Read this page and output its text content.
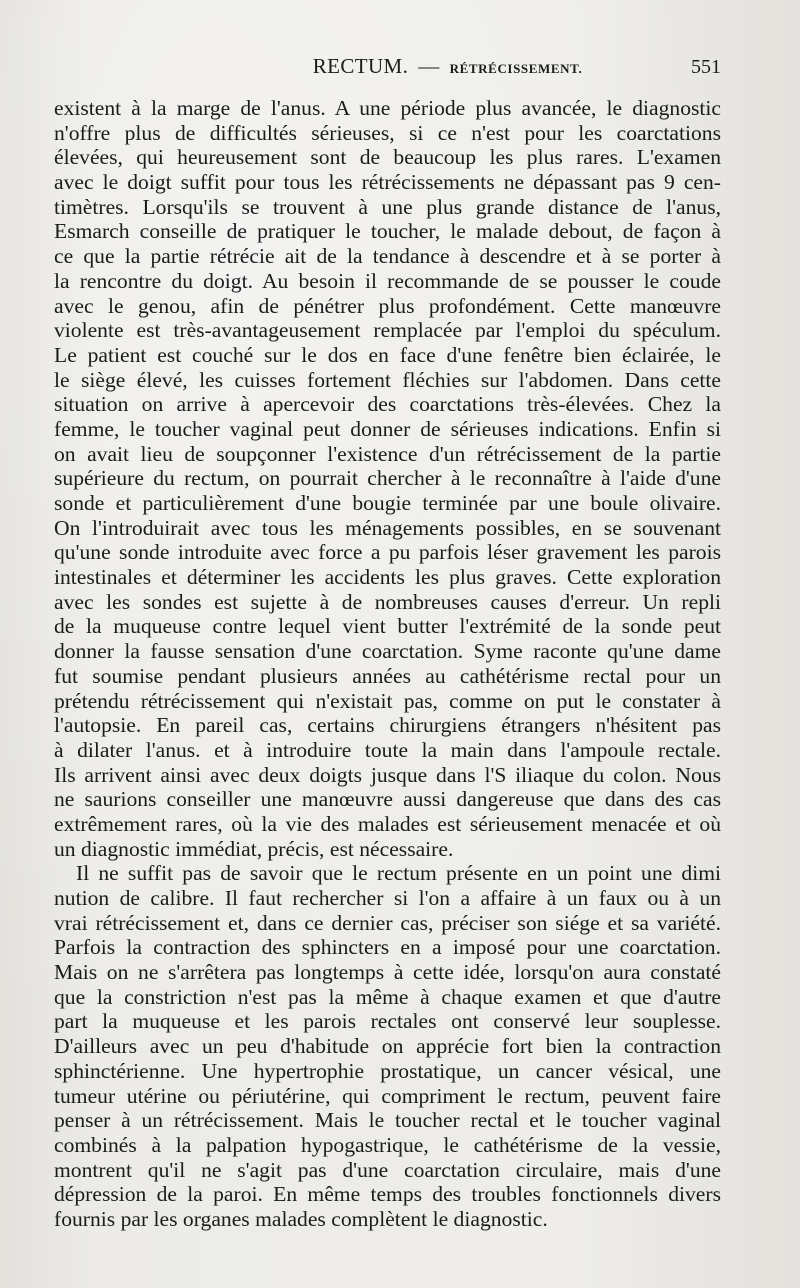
RECTUM. — RÉTRÉCISSEMENT.	551
existent à la marge de l'anus. A une période plus avancée, le diagnostic
n'offre plus de difficultés sérieuses, si ce n'est pour les coarctations
élevées, qui heureusement sont de beaucoup les plus rares. L'examen
avec le doigt suffit pour tous les rétrécissements ne dépassant pas 9 cen-
timètres. Lorsqu'ils se trouvent à une plus grande distance de l'anus,
Esmarch conseille de pratiquer le toucher, le malade debout, de façon à
ce que la partie rétrécie ait de la tendance à descendre et à se porter à
la rencontre du doigt. Au besoin il recommande de se pousser le coude
avec le genou, afin de pénétrer plus profondément. Cette manœuvre
violente est très-avantageusement remplacée par l'emploi du spéculum.
Le patient est couché sur le dos en face d'une fenêtre bien éclairée, le
le siège élevé, les cuisses fortement fléchies sur l'abdomen. Dans cette
situation on arrive à apercevoir des coarctations très-élevées. Chez la
femme, le toucher vaginal peut donner de sérieuses indications. Enfin si
on avait lieu de soupçonner l'existence d'un rétrécissement de la partie
supérieure du rectum, on pourrait chercher à le reconnaître à l'aide d'une
sonde et particulièrement d'une bougie terminée par une boule olivaire.
On l'introduirait avec tous les ménagements possibles, en se souvenant
qu'une sonde introduite avec force a pu parfois léser gravement les parois
intestinales et déterminer les accidents les plus graves. Cette exploration
avec les sondes est sujette à de nombreuses causes d'erreur. Un repli
de la muqueuse contre lequel vient butter l'extrémité de la sonde peut
donner la fausse sensation d'une coarctation. Syme raconte qu'une dame
fut soumise pendant plusieurs années au cathétérisme rectal pour un
prétendu rétrécissement qui n'existait pas, comme on put le constater à
l'autopsie. En pareil cas, certains chirurgiens étrangers n'hésitent pas
à dilater l'anus. et à introduire toute la main dans l'ampoule rectale.
Ils arrivent ainsi avec deux doigts jusque dans l'S iliaque du colon. Nous
ne saurions conseiller une manœuvre aussi dangereuse que dans des cas
extrêmement rares, où la vie des malades est sérieusement menacée et où
un diagnostic immédiat, précis, est nécessaire.
Il ne suffit pas de savoir que le rectum présente en un point une dimi
nution de calibre. Il faut rechercher si l'on a affaire à un faux ou à un
vrai rétrécissement et, dans ce dernier cas, préciser son siége et sa variété.
Parfois la contraction des sphincters en a imposé pour une coarctation.
Mais on ne s'arrêtera pas longtemps à cette idée, lorsqu'on aura constaté
que la constriction n'est pas la même à chaque examen et que d'autre
part la muqueuse et les parois rectales ont conservé leur souplesse.
D'ailleurs avec un peu d'habitude on apprécie fort bien la contraction
sphinctérienne. Une hypertrophie prostatique, un cancer vésical, une
tumeur utérine ou périutérine, qui compriment le rectum, peuvent faire
penser à un rétrécissement. Mais le toucher rectal et le toucher vaginal
combinés à la palpation hypogastrique, le cathétérisme de la vessie,
montrent qu'il ne s'agit pas d'une coarctation circulaire, mais d'une
dépression de la paroi. En même temps des troubles fonctionnels divers
fournis par les organes malades complètent le diagnostic.
